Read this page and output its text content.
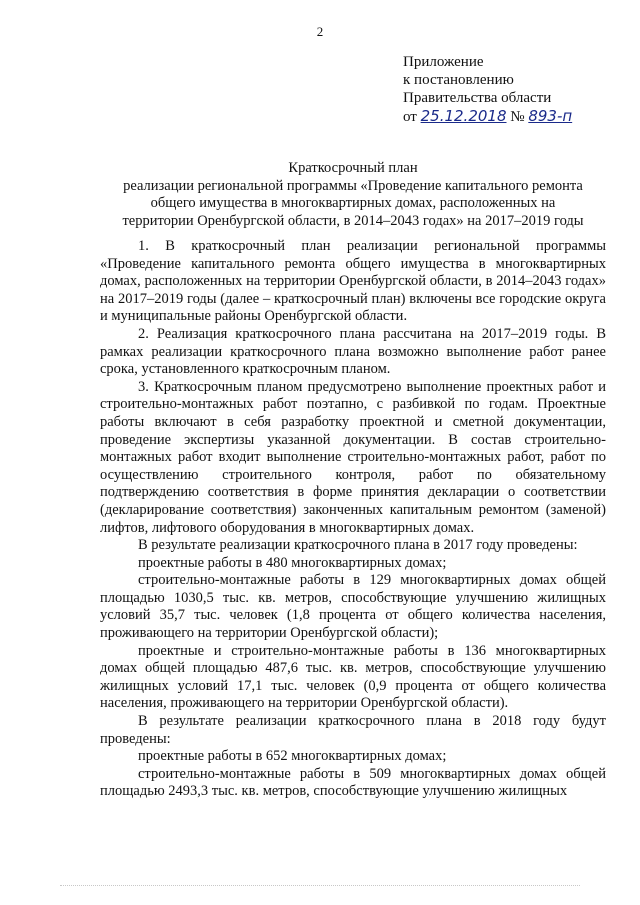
2
Приложение
к постановлению
Правительства области
от 25.12.2018 № 893-п
Краткосрочный план
реализации региональной программы «Проведение капитального ремонта
общего имущества в многоквартирных домах, расположенных на
территории Оренбургской области, в 2014–2043 годах» на 2017–2019 годы

1. В краткосрочный план реализации региональной программы «Проведение капитального ремонта общего имущества в многоквартирных домах, расположенных на территории Оренбургской области, в 2014–2043 годах» на 2017–2019 годы (далее – краткосрочный план) включены все городские округа и муниципальные районы Оренбургской области.

2. Реализация краткосрочного плана рассчитана на 2017–2019 годы. В рамках реализации краткосрочного плана возможно выполнение работ ранее срока, установленного краткосрочным планом.

3. Краткосрочным планом предусмотрено выполнение проектных работ и строительно-монтажных работ поэтапно, с разбивкой по годам. Проектные работы включают в себя разработку проектной и сметной документации, проведение экспертизы указанной документации. В состав строительно-монтажных работ входит выполнение строительно-монтажных работ, работ по осуществлению строительного контроля, работ по обязательному подтверждению соответствия в форме принятия декларации о соответствии (декларирование соответствия) законченных капитальным ремонтом (заменой) лифтов, лифтового оборудования в многоквартирных домах.

В результате реализации краткосрочного плана в 2017 году проведены:

проектные работы в 480 многоквартирных домах;

строительно-монтажные работы в 129 многоквартирных домах общей площадью 1030,5 тыс. кв. метров, способствующие улучшению жилищных условий 35,7 тыс. человек (1,8 процента от общего количества населения, проживающего на территории Оренбургской области);

проектные и строительно-монтажные работы в 136 многоквартирных домах общей площадью 487,6 тыс. кв. метров, способствующие улучшению жилищных условий 17,1 тыс. человек (0,9 процента от общего количества населения, проживающего на территории Оренбургской области).

В результате реализации краткосрочного плана в 2018 году будут проведены:

проектные работы в 652 многоквартирных домах;

строительно-монтажные работы в 509 многоквартирных домах общей площадью 2493,3 тыс. кв. метров, способствующие улучшению жилищных
